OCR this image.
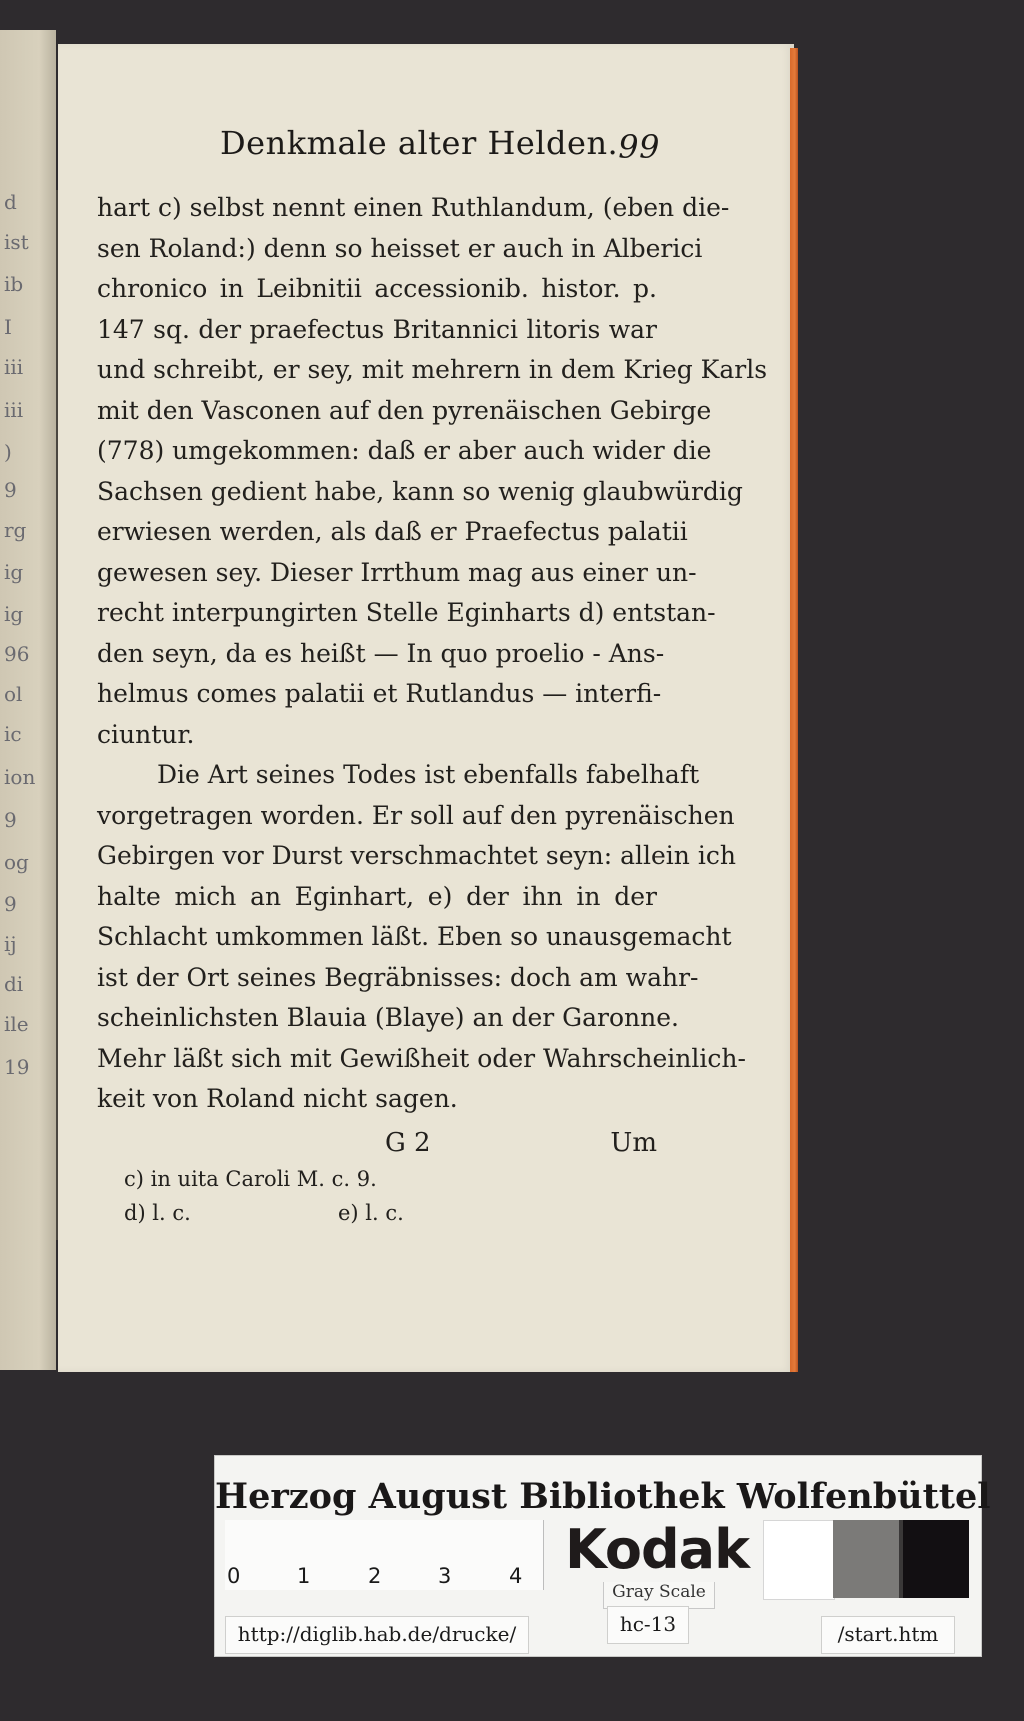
d
ist
ib
I
iii
iii
)
9
rg
ig
ig
96
ol
ic
ion
9
og
9
ij
di
ile
19
Denkmale alter Helden. 99
hart c) selbst nennt einen Ruthlandum, (eben die-
sen Roland:) denn so heisset er auch in Alberici
chronico in Leibnitii accessionib. histor. p.
147 sq. der praefectus Britannici litoris war
und schreibt, er sey, mit mehrern in dem Krieg Karls
mit den Vasconen auf den pyrenäischen Gebirge
(778) umgekommen: daß er aber auch wider die
Sachsen gedient habe, kann so wenig glaubwürdig
erwiesen werden, als daß er Praefectus palatii
gewesen sey. Dieser Irrthum mag aus einer un-
recht interpungirten Stelle Eginharts d) entstan-
den seyn, da es heißt — In quo proelio - Ans-
helmus comes palatii et Rutlandus — interfi-
ciuntur.
Die Art seines Todes ist ebenfalls fabelhaft
vorgetragen worden. Er soll auf den pyrenäischen
Gebirgen vor Durst verschmachtet seyn: allein ich
halte mich an Eginhart, e) der ihn in der
Schlacht umkommen läßt. Eben so unausgemacht
ist der Ort seines Begräbnisses: doch am wahr-
scheinlichsten Blauia (Blaye) an der Garonne.
Mehr läßt sich mit Gewißheit oder Wahrscheinlich-
keit von Roland nicht sagen.
G 2	Um
c) in uita Caroli M. c. 9.
d) l. c.	e) l. c.
Herzog August Bibliothek Wolfenbüttel
0	1	2	3	4 Kodak
Gray Scale
http://diglib.hab.de/drucke/	hc-13	/start.htm
